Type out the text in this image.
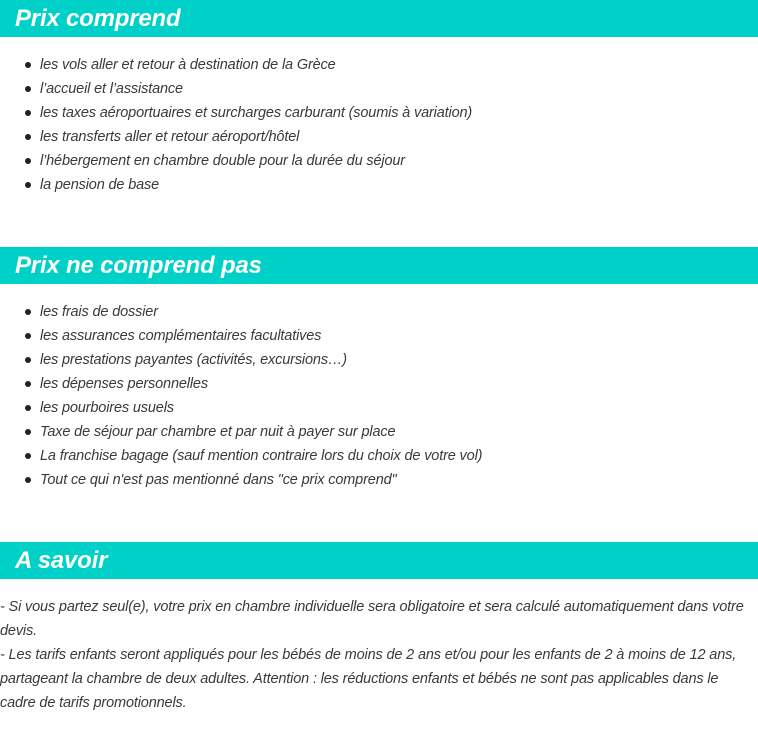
Prix comprend
les vols aller et retour à destination de la Grèce
l’accueil et l’assistance
les taxes aéroportuaires et surcharges carburant (soumis à variation)
les transferts aller et retour aéroport/hôtel
l’hébergement en chambre double pour la durée du séjour
la pension de base
Prix ne comprend pas
les frais de dossier
les assurances complémentaires facultatives
les prestations payantes (activités, excursions…)
les dépenses personnelles
les pourboires usuels
Taxe de séjour par chambre et par nuit à payer sur place
La franchise bagage (sauf mention contraire lors du choix de votre vol)
Tout ce qui n'est pas mentionné dans "ce prix comprend"
A savoir

- Si vous partez seul(e), votre prix en chambre individuelle sera obligatoire et sera calculé automatiquement dans votre devis.

- Les tarifs enfants seront appliqués pour les bébés de moins de 2 ans et/ou pour les enfants de 2 à moins de 12 ans, partageant la chambre de deux adultes. Attention : les réductions enfants et bébés ne sont pas applicables dans le cadre de tarifs promotionnels.
